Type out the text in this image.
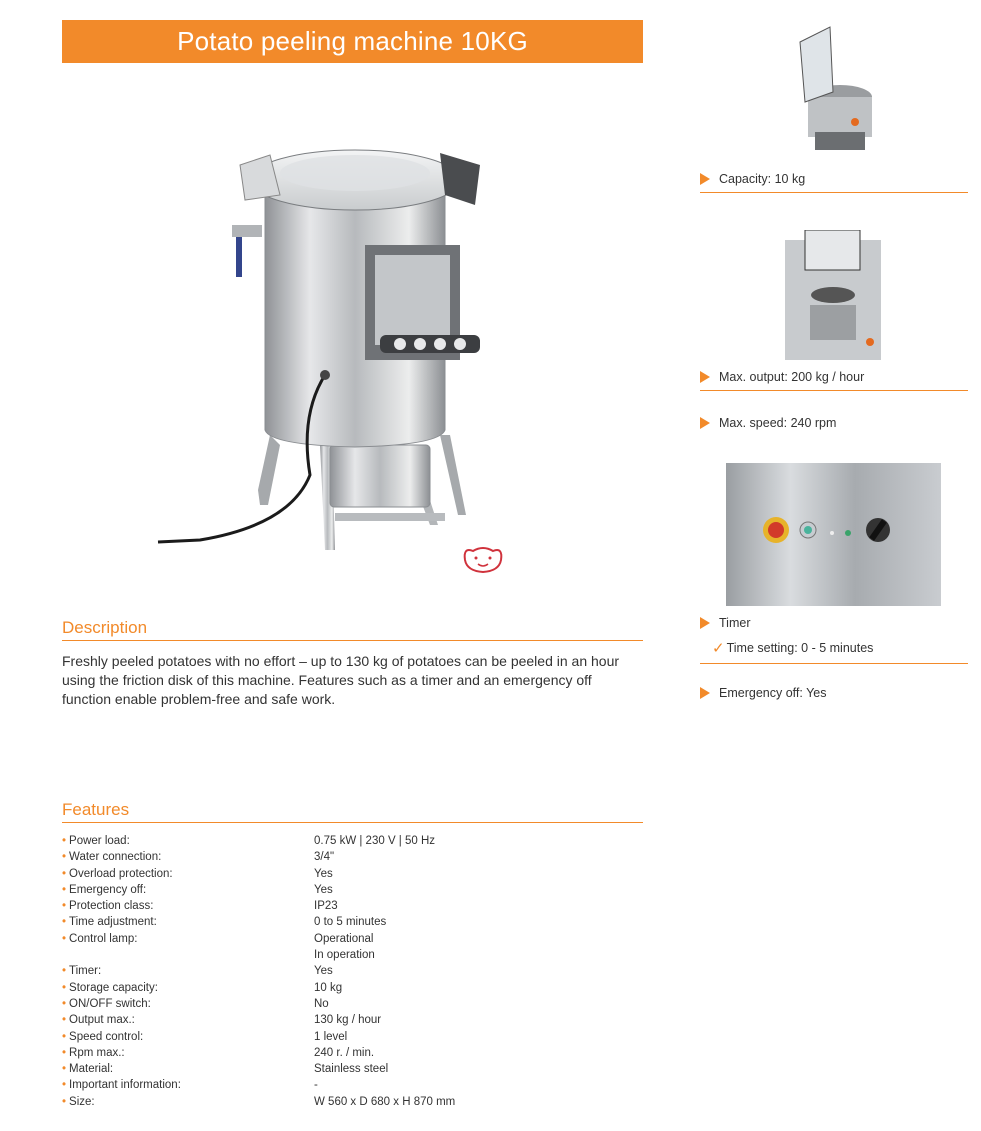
Potato peeling machine 10KG
Description
Freshly peeled potatoes with no effort – up to 130 kg of potatoes can be peeled in an hour using the friction disk of this machine. Features such as a timer and an emergency off function enable problem-free and safe work.
Features
• Power load:	0.75 kW | 230 V | 50 Hz
• Water connection:	3/4"
• Overload protection:	Yes
• Emergency off:	Yes
• Protection class:	IP23
• Time adjustment:	0 to 5 minutes
• Control lamp:	Operational
In operation
• Timer:	Yes
• Storage capacity:	10 kg
• ON/OFF switch:	No
• Output max.:	130 kg / hour
• Speed control:	1 level
• Rpm max.:	240 r. / min.
• Material:	Stainless steel
• Important information:	-
• Size:	W 560 x D 680 x H 870 mm
Capacity: 10 kg
Max. output: 200 kg / hour
Max. speed: 240 rpm
Timer
✓ Time setting: 0 - 5 minutes
Emergency off: Yes
